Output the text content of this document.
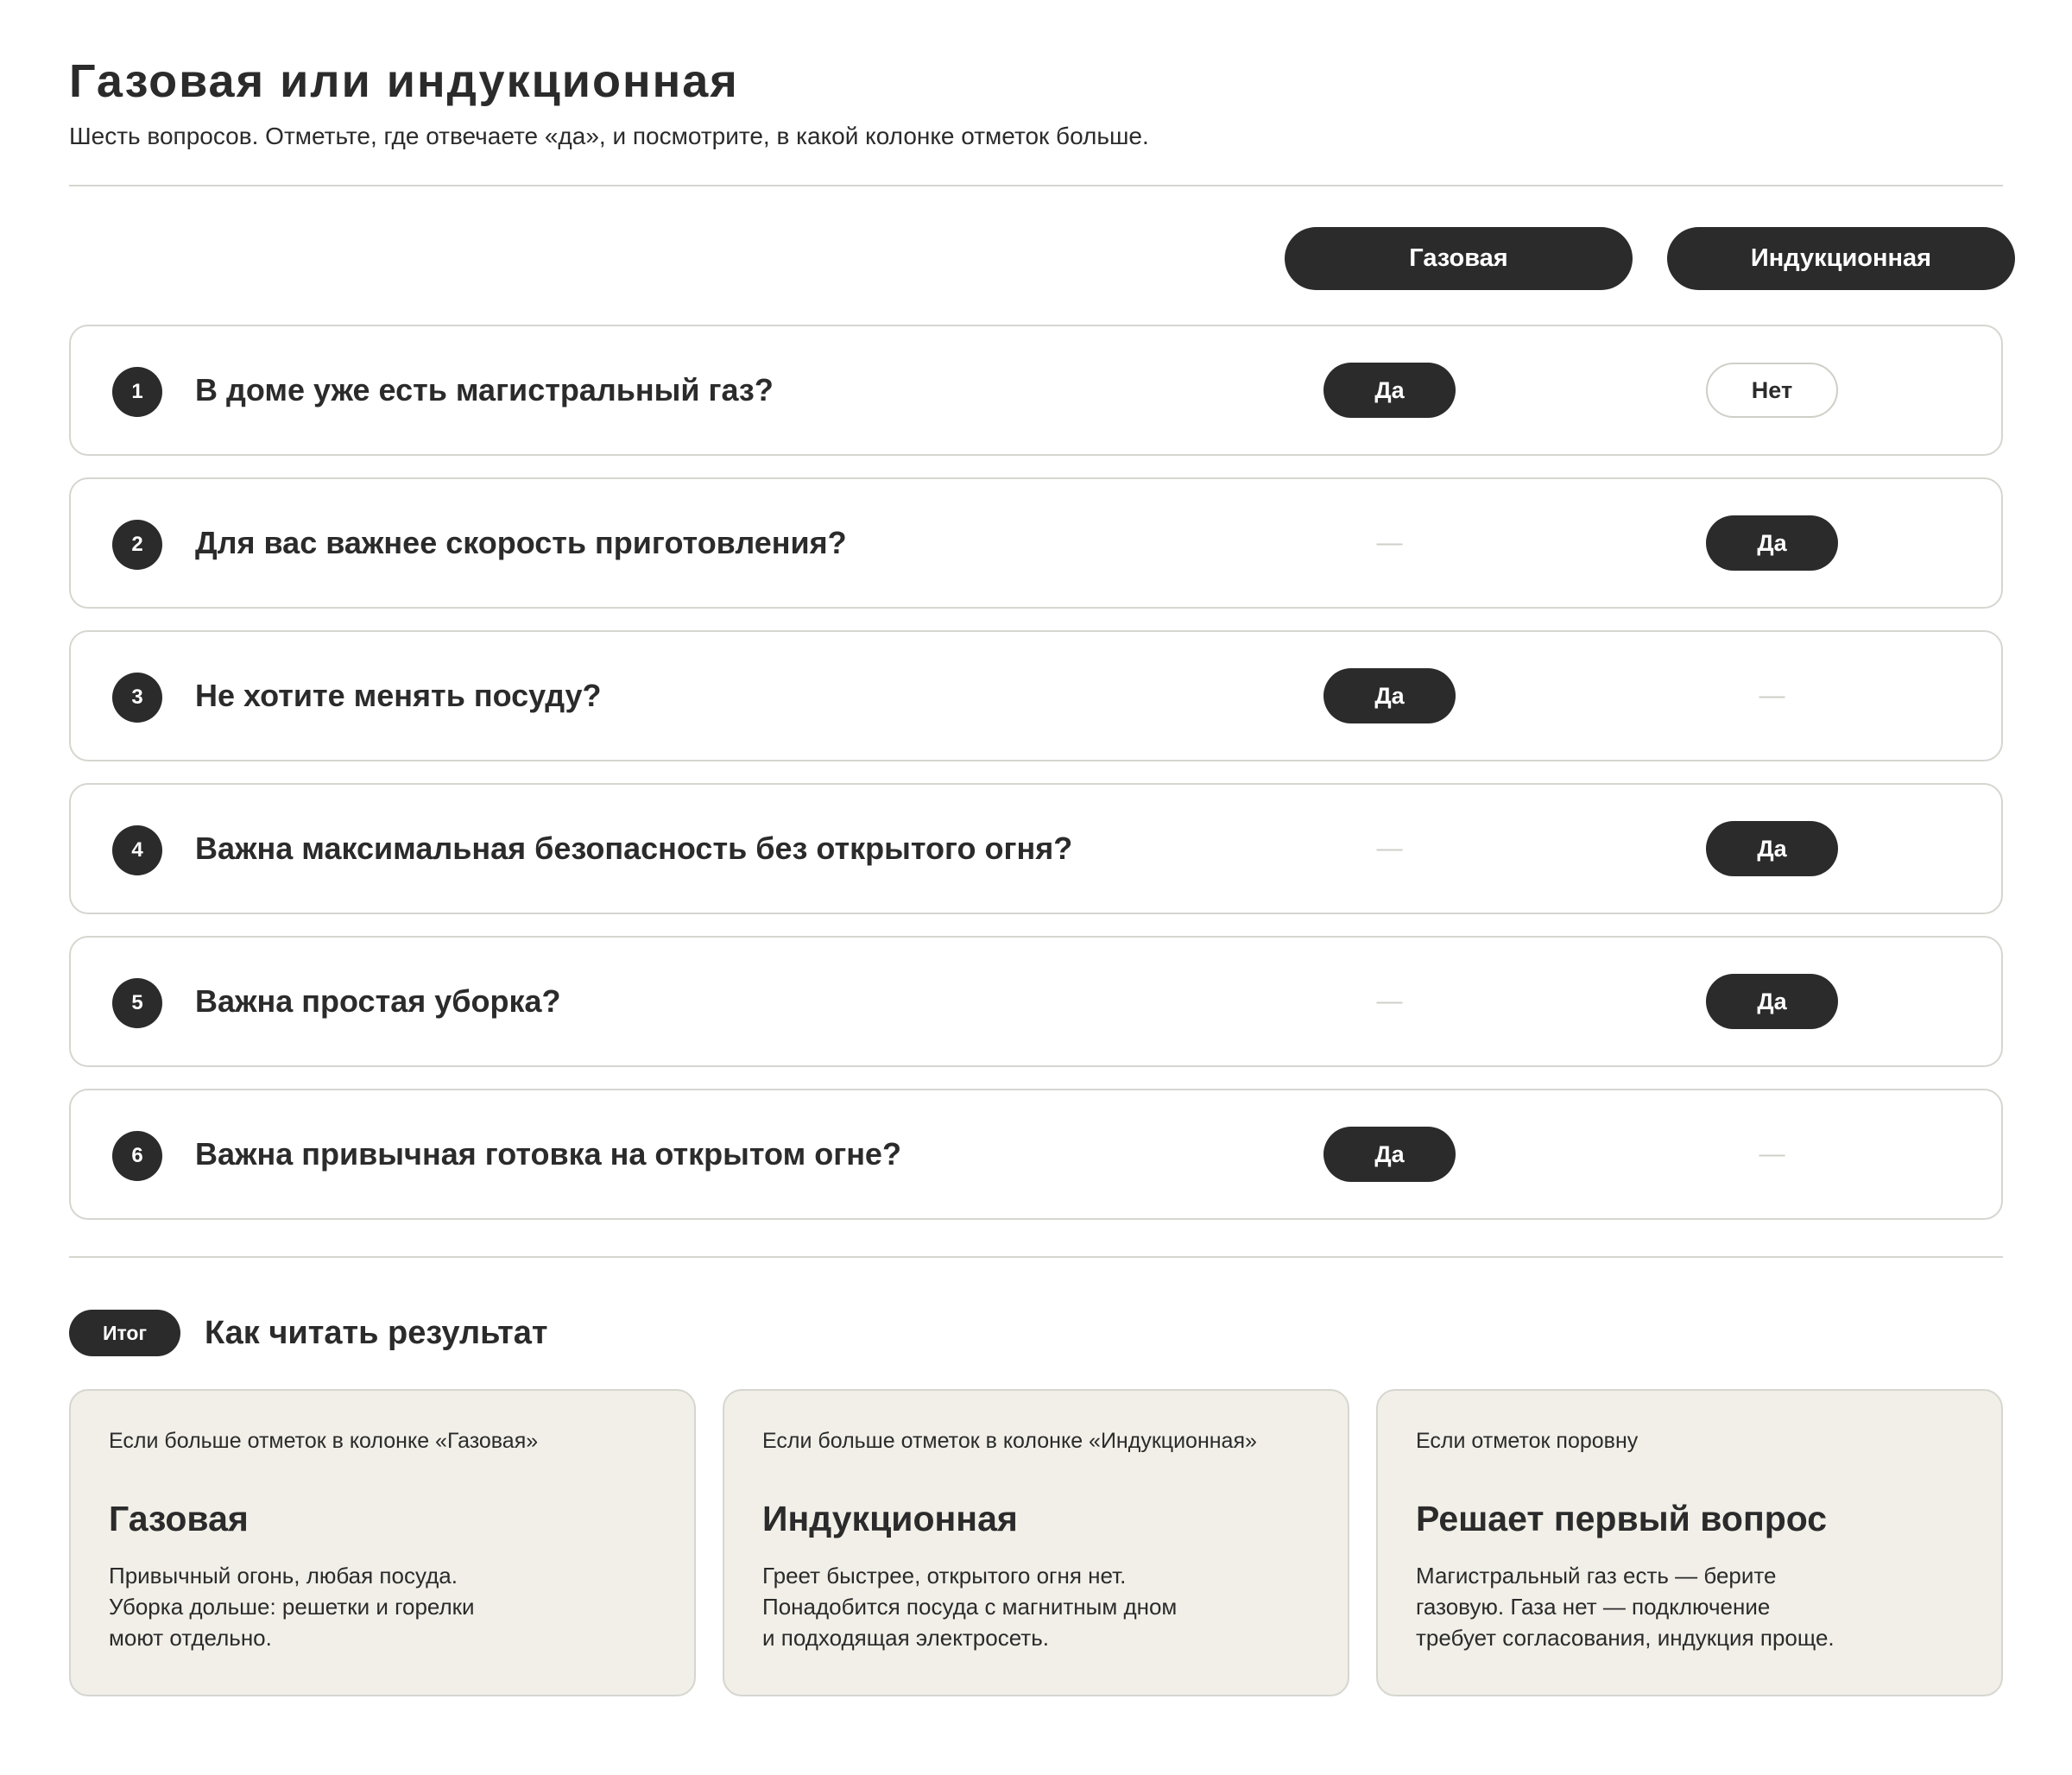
Газовая или индукционная

Шесть вопросов. Отметьте, где отвечаете «да», и посмотрите, в какой колонке отметок больше.

Газовая	Индукционная
1	В доме уже есть магистральный газ?	Да	Нет
2	Для вас важнее скорость приготовления?	—	Да
3	Не хотите менять посуду?	Да	—
4	Важна максимальная безопасность без открытого огня?	—	Да
5	Важна простая уборка?	—	Да
6	Важна привычная готовка на открытом огне?	Да	—
Итог	Как читать результат
Если больше отметок в колонке «Газовая»
Газовая
Привычный огонь, любая посуда.
Уборка дольше: решетки и горелки
моют отдельно.
Если больше отметок в колонке «Индукционная»
Индукционная
Греет быстрее, открытого огня нет.
Понадобится посуда с магнитным дном
и подходящая электросеть.
Если отметок поровну
Решает первый вопрос
Магистральный газ есть — берите
газовую. Газа нет — подключение
требует согласования, индукция проще.
